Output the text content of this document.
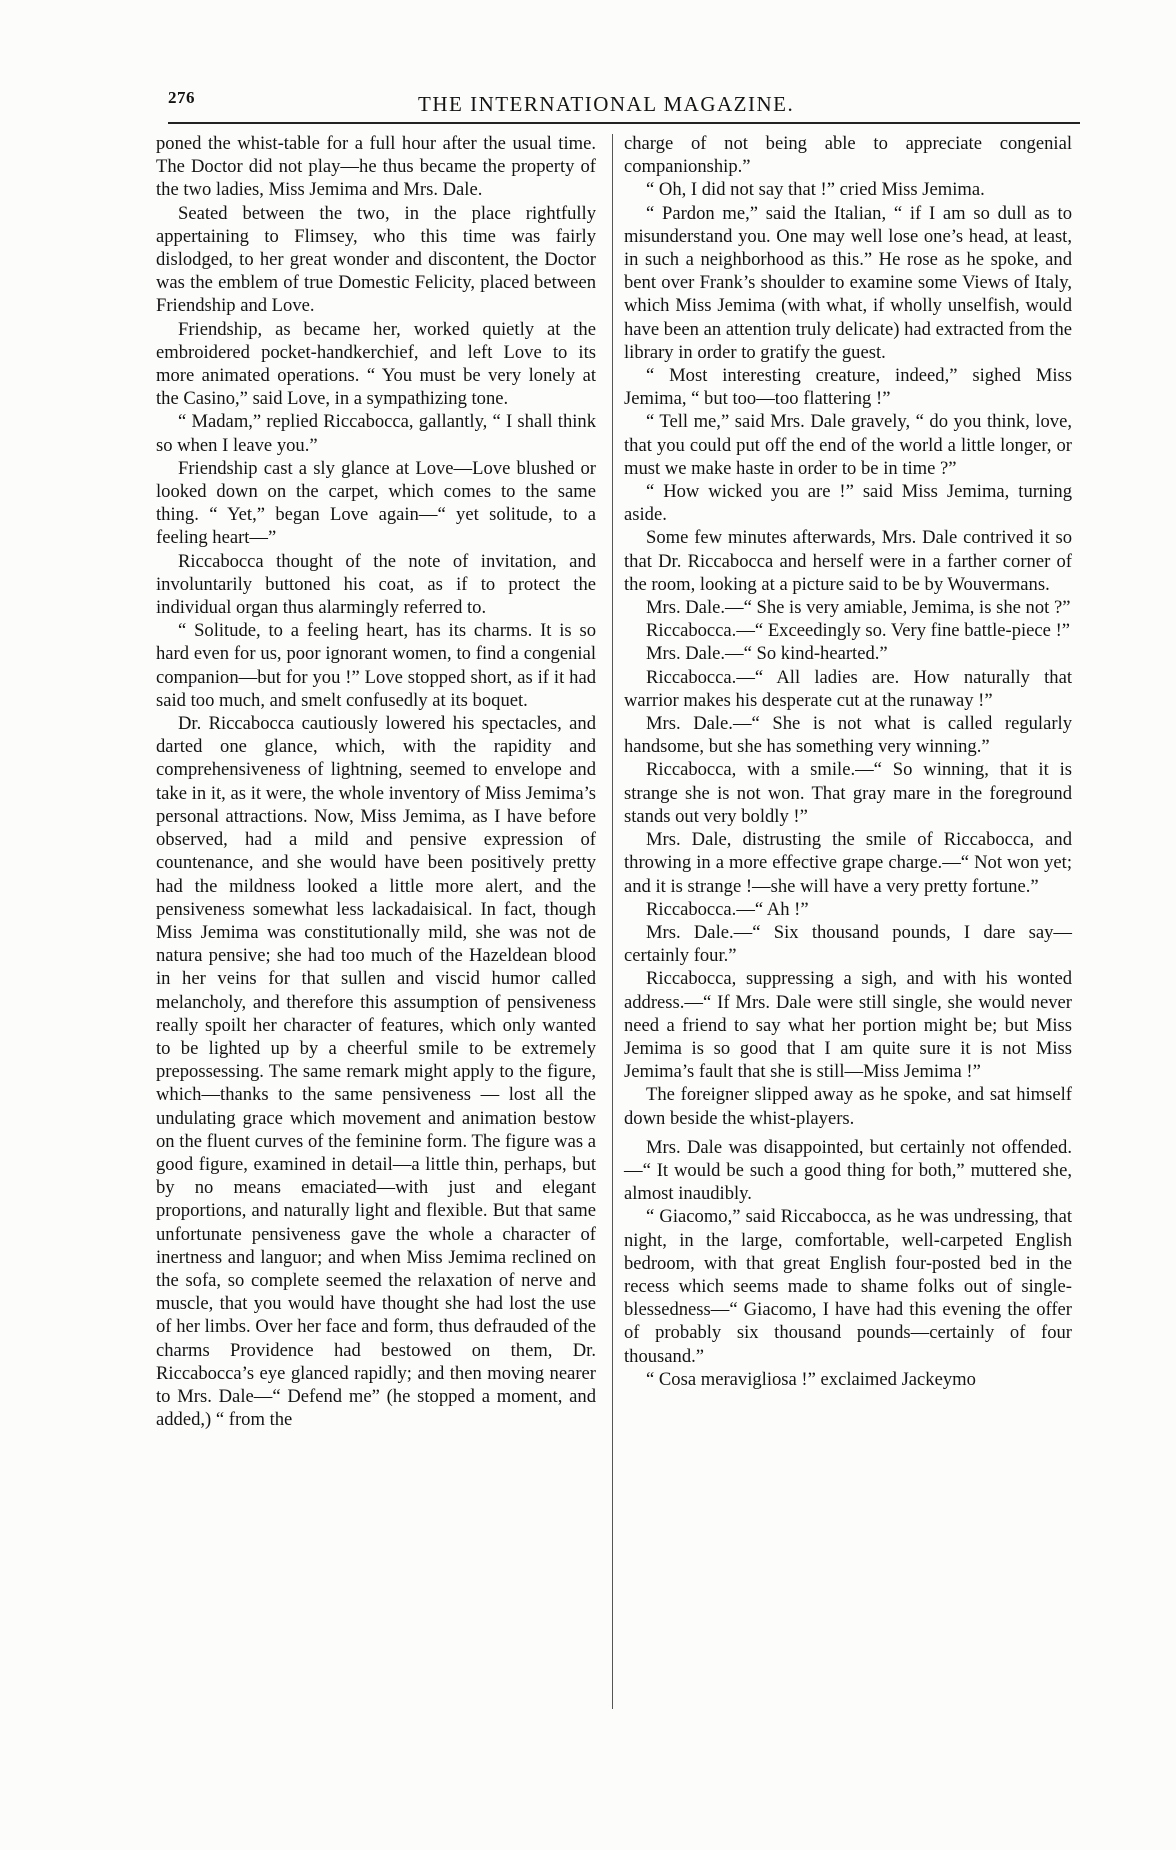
276	THE INTERNATIONAL MAGAZINE.

poned the whist-table for a full hour after the usual time. The Doctor did not play—he thus became the property of the two ladies, Miss Jemima and Mrs. Dale.

Seated between the two, in the place rightfully appertaining to Flimsey, who this time was fairly dislodged, to her great wonder and discontent, the Doctor was the emblem of true Domestic Felicity, placed between Friendship and Love.

Friendship, as became her, worked quietly at the embroidered pocket-handkerchief, and left Love to its more animated operations. “ You must be very lonely at the Casino,” said Love, in a sympathizing tone.

“ Madam,” replied Riccabocca, gallantly, “ I shall think so when I leave you.”

Friendship cast a sly glance at Love—Love blushed or looked down on the carpet, which comes to the same thing. “ Yet,” began Love again—“ yet solitude, to a feeling heart—”

Riccabocca thought of the note of invitation, and involuntarily buttoned his coat, as if to protect the individual organ thus alarmingly referred to.

“ Solitude, to a feeling heart, has its charms. It is so hard even for us, poor ignorant women, to find a congenial companion—but for you !” Love stopped short, as if it had said too much, and smelt confusedly at its boquet.

Dr. Riccabocca cautiously lowered his spectacles, and darted one glance, which, with the rapidity and comprehensiveness of lightning, seemed to envelope and take in it, as it were, the whole inventory of Miss Jemima’s personal attractions. Now, Miss Jemima, as I have before observed, had a mild and pensive expression of countenance, and she would have been positively pretty had the mildness looked a little more alert, and the pensiveness somewhat less lackadaisical. In fact, though Miss Jemima was constitutionally mild, she was not de natura pensive; she had too much of the Hazeldean blood in her veins for that sullen and viscid humor called melancholy, and therefore this assumption of pensiveness really spoilt her character of features, which only wanted to be lighted up by a cheerful smile to be extremely prepossessing. The same remark might apply to the figure, which—thanks to the same pensiveness — lost all the undulating grace which movement and animation bestow on the fluent curves of the feminine form. The figure was a good figure, examined in detail—a little thin, perhaps, but by no means emaciated—with just and elegant proportions, and naturally light and flexible. But that same unfortunate pensiveness gave the whole a character of inertness and languor; and when Miss Jemima reclined on the sofa, so complete seemed the relaxation of nerve and muscle, that you would have thought she had lost the use of her limbs. Over her face and form, thus defrauded of the charms Providence had bestowed on them, Dr. Riccabocca’s eye glanced rapidly; and then moving nearer to Mrs. Dale—“ Defend me” (he stopped a moment, and added,) “ from the

charge of not being able to appreciate congenial companionship.”

“ Oh, I did not say that !” cried Miss Jemima.

“ Pardon me,” said the Italian, “ if I am so dull as to misunderstand you. One may well lose one’s head, at least, in such a neighborhood as this.” He rose as he spoke, and bent over Frank’s shoulder to examine some Views of Italy, which Miss Jemima (with what, if wholly unselfish, would have been an attention truly delicate) had extracted from the library in order to gratify the guest.

“ Most interesting creature, indeed,” sighed Miss Jemima, “ but too—too flattering !”

“ Tell me,” said Mrs. Dale gravely, “ do you think, love, that you could put off the end of the world a little longer, or must we make haste in order to be in time ?”

“ How wicked you are !” said Miss Jemima, turning aside.

Some few minutes afterwards, Mrs. Dale contrived it so that Dr. Riccabocca and herself were in a farther corner of the room, looking at a picture said to be by Wouvermans.

Mrs. Dale.—“ She is very amiable, Jemima, is she not ?”

Riccabocca.—“ Exceedingly so. Very fine battle-piece !”

Mrs. Dale.—“ So kind-hearted.”

Riccabocca.—“ All ladies are. How naturally that warrior makes his desperate cut at the runaway !”

Mrs. Dale.—“ She is not what is called regularly handsome, but she has something very winning.”

Riccabocca, with a smile.—“ So winning, that it is strange she is not won. That gray mare in the foreground stands out very boldly !”

Mrs. Dale, distrusting the smile of Riccabocca, and throwing in a more effective grape charge.—“ Not won yet; and it is strange !—she will have a very pretty fortune.”

Riccabocca.—“ Ah !”

Mrs. Dale.—“ Six thousand pounds, I dare say—certainly four.”

Riccabocca, suppressing a sigh, and with his wonted address.—“ If Mrs. Dale were still single, she would never need a friend to say what her portion might be; but Miss Jemima is so good that I am quite sure it is not Miss Jemima’s fault that she is still—Miss Jemima !”

The foreigner slipped away as he spoke, and sat himself down beside the whist-players.

Mrs. Dale was disappointed, but certainly not offended.—“ It would be such a good thing for both,” muttered she, almost inaudibly.

“ Giacomo,” said Riccabocca, as he was undressing, that night, in the large, comfortable, well-carpeted English bedroom, with that great English four-posted bed in the recess which seems made to shame folks out of single-blessedness—“ Giacomo, I have had this evening the offer of probably six thousand pounds—certainly of four thousand.”

“ Cosa meravigliosa !” exclaimed Jackeymo
